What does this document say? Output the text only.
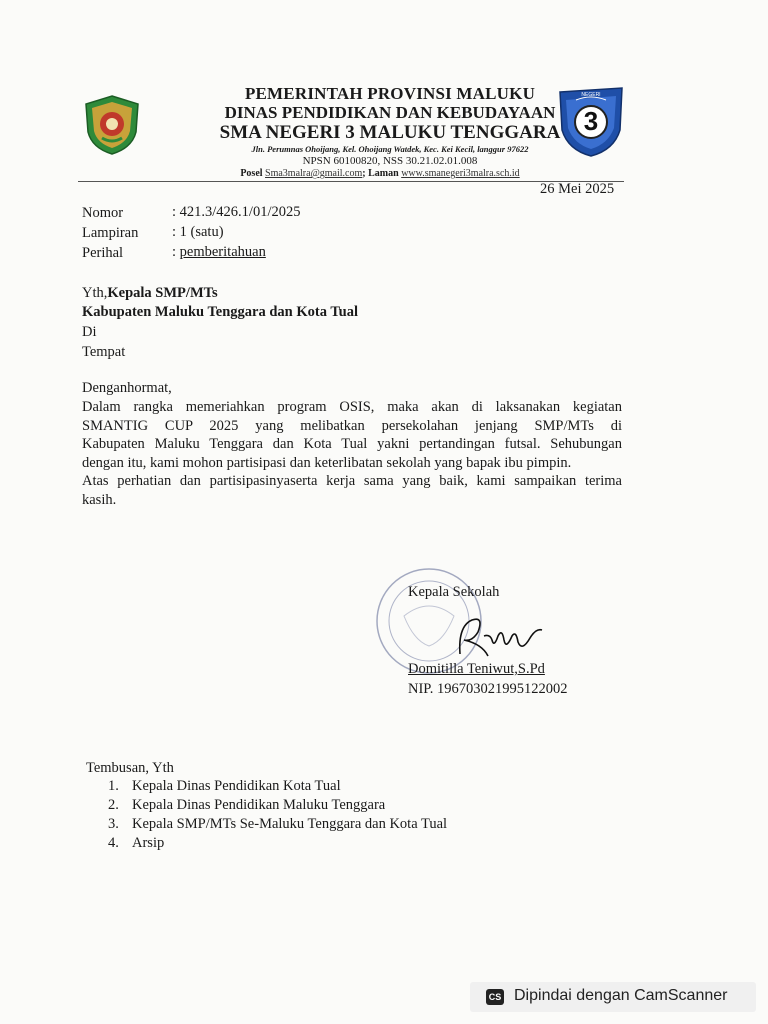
3
NEGERI
PEMERINTAH PROVINSI MALUKU
DINAS PENDIDIKAN DAN KEBUDAYAAN
SMA NEGERI 3 MALUKU TENGGARA
Jln. Perumnas Ohoijang, Kel. Ohoijang Watdek, Kec. Kei Kecil, langgur 97622
NPSN 60100820, NSS 30.21.02.01.008
Posel Sma3malra@gmail.com; Laman www.smanegeri3malra.sch.id
26 Mei 2025
Nomor	: 421.3/426.1/01/2025
Lampiran : 1 (satu)
Perihal	: pemberitahuan
Yth,Kepala SMP/MTs
Kabupaten Maluku Tenggara dan Kota Tual
Di
Tempat
Denganhormat,
Dalam rangka memeriahkan program OSIS, maka akan di laksanakan kegiatan
SMANTIG CUP 2025 yang melibatkan persekolahan jenjang SMP/MTs di
Kabupaten Maluku Tenggara dan Kota Tual yakni pertandingan futsal. Sehubungan
dengan itu, kami mohon partisipasi dan keterlibatan sekolah yang bapak ibu pimpin.
Atas perhatian dan partisipasinyaserta kerja sama yang baik, kami sampaikan terima
kasih.
Kepala Sekolah
Domitilla Teniwut,S.Pd
NIP. 196703021995122002
Tembusan, Yth
1. Kepala Dinas Pendidikan Kota Tual
2. Kepala Dinas Pendidikan Maluku Tenggara
3. Kepala SMP/MTs Se-Maluku Tenggara dan Kota Tual
4. Arsip
CS Dipindai dengan CamScanner
